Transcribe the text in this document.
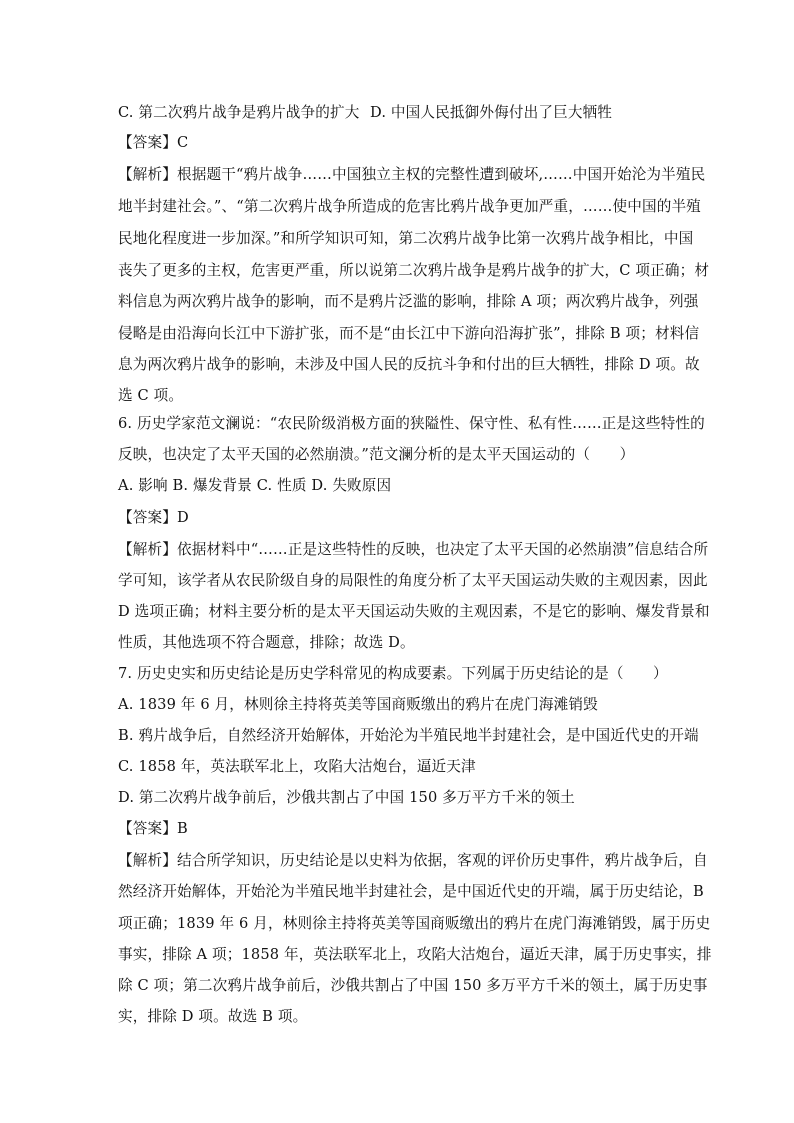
C. 第二次鸦片战争是鸦片战争的扩大 D. 中国人民抵御外侮付出了巨大牺牲
【答案】C
【解析】根据题干“鸦片战争……中国独立主权的完整性遭到破坏,……中国开始沦为半殖民
地半封建社会。”、“第二次鸦片战争所造成的危害比鸦片战争更加严重，……使中国的半殖
民地化程度进一步加深。”和所学知识可知，第二次鸦片战争比第一次鸦片战争相比，中国
丧失了更多的主权，危害更严重，所以说第二次鸦片战争是鸦片战争的扩大，C 项正确；材
料信息为两次鸦片战争的影响，而不是鸦片泛滥的影响，排除 A 项；两次鸦片战争，列强
侵略是由沿海向长江中下游扩张，而不是“由长江中下游向沿海扩张”，排除 B 项；材料信
息为两次鸦片战争的影响，未涉及中国人民的反抗斗争和付出的巨大牺牲，排除 D 项。故
选 C 项。
6. 历史学家范文澜说：“农民阶级消极方面的狭隘性、保守性、私有性……正是这些特性的
反映，也决定了太平天国的必然崩溃。”范文澜分析的是太平天国运动的（　　）
A. 影响 B. 爆发背景 C. 性质 D. 失败原因
【答案】D
【解析】依据材料中“……正是这些特性的反映，也决定了太平天国的必然崩溃”信息结合所
学可知，该学者从农民阶级自身的局限性的角度分析了太平天国运动失败的主观因素，因此
D 选项正确；材料主要分析的是太平天国运动失败的主观因素，不是它的影响、爆发背景和
性质，其他选项不符合题意，排除；故选 D。
7. 历史史实和历史结论是历史学科常见的构成要素。下列属于历史结论的是（　　）
A. 1839 年 6 月，林则徐主持将英美等国商贩缴出的鸦片在虎门海滩销毁
B. 鸦片战争后，自然经济开始解体，开始沦为半殖民地半封建社会，是中国近代史的开端
C. 1858 年，英法联军北上，攻陷大沽炮台，逼近天津
D. 第二次鸦片战争前后，沙俄共割占了中国 150 多万平方千米的领土
【答案】B
【解析】结合所学知识，历史结论是以史料为依据，客观的评价历史事件，鸦片战争后，自
然经济开始解体，开始沦为半殖民地半封建社会，是中国近代史的开端，属于历史结论，B
项正确；1839 年 6 月，林则徐主持将英美等国商贩缴出的鸦片在虎门海滩销毁，属于历史
事实，排除 A 项；1858 年，英法联军北上，攻陷大沽炮台，逼近天津，属于历史事实，排
除 C 项；第二次鸦片战争前后，沙俄共割占了中国 150 多万平方千米的领土，属于历史事
实，排除 D 项。故选 B 项。
